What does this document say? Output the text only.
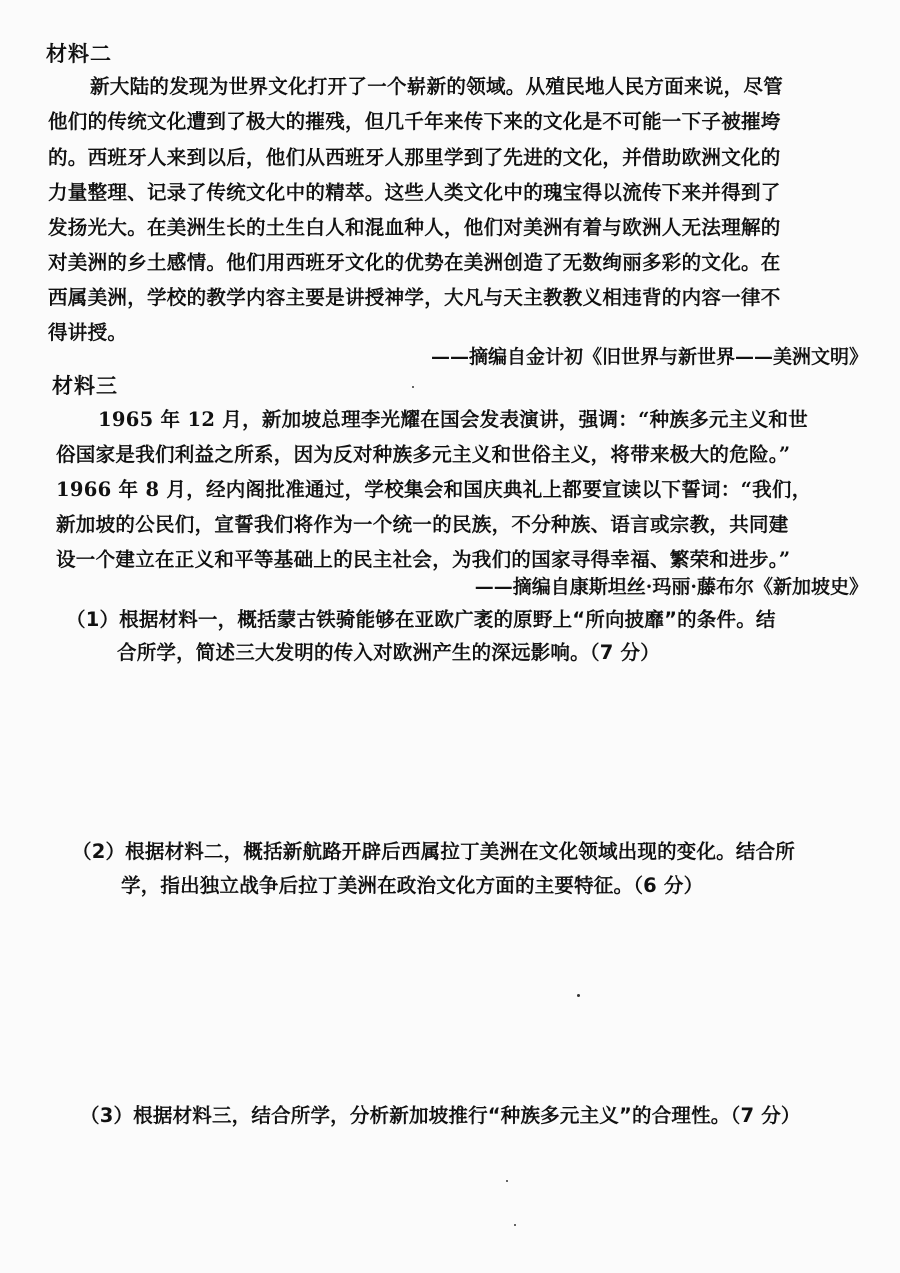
材料二
新大陆的发现为世界文化打开了一个崭新的领域。从殖民地人民方面来说，尽管
他们的传统文化遭到了极大的摧残，但几千年来传下来的文化是不可能一下子被摧垮
的。西班牙人来到以后，他们从西班牙人那里学到了先进的文化，并借助欧洲文化的
力量整理、记录了传统文化中的精萃。这些人类文化中的瑰宝得以流传下来并得到了
发扬光大。在美洲生长的土生白人和混血种人，他们对美洲有着与欧洲人无法理解的
对美洲的乡土感情。他们用西班牙文化的优势在美洲创造了无数绚丽多彩的文化。在
西属美洲，学校的教学内容主要是讲授神学，大凡与天主教教义相违背的内容一律不
得讲授。
——摘编自金计初《旧世界与新世界——美洲文明》
材料三
1965 年 12 月，新加坡总理李光耀在国会发表演讲，强调：“种族多元主义和世
俗国家是我们利益之所系，因为反对种族多元主义和世俗主义，将带来极大的危险。”
1966 年 8 月，经内阁批准通过，学校集会和国庆典礼上都要宣读以下誓词：“我们，
新加坡的公民们，宣誓我们将作为一个统一的民族，不分种族、语言或宗教，共同建
设一个建立在正义和平等基础上的民主社会，为我们的国家寻得幸福、繁荣和进步。”
——摘编自康斯坦丝·玛丽·藤布尔《新加坡史》
（1）根据材料一，概括蒙古铁骑能够在亚欧广袤的原野上“所向披靡”的条件。结
合所学，简述三大发明的传入对欧洲产生的深远影响。（7 分）
（2）根据材料二，概括新航路开辟后西属拉丁美洲在文化领域出现的变化。结合所
学，指出独立战争后拉丁美洲在政治文化方面的主要特征。（6 分）
（3）根据材料三，结合所学，分析新加坡推行“种族多元主义”的合理性。（7 分）
